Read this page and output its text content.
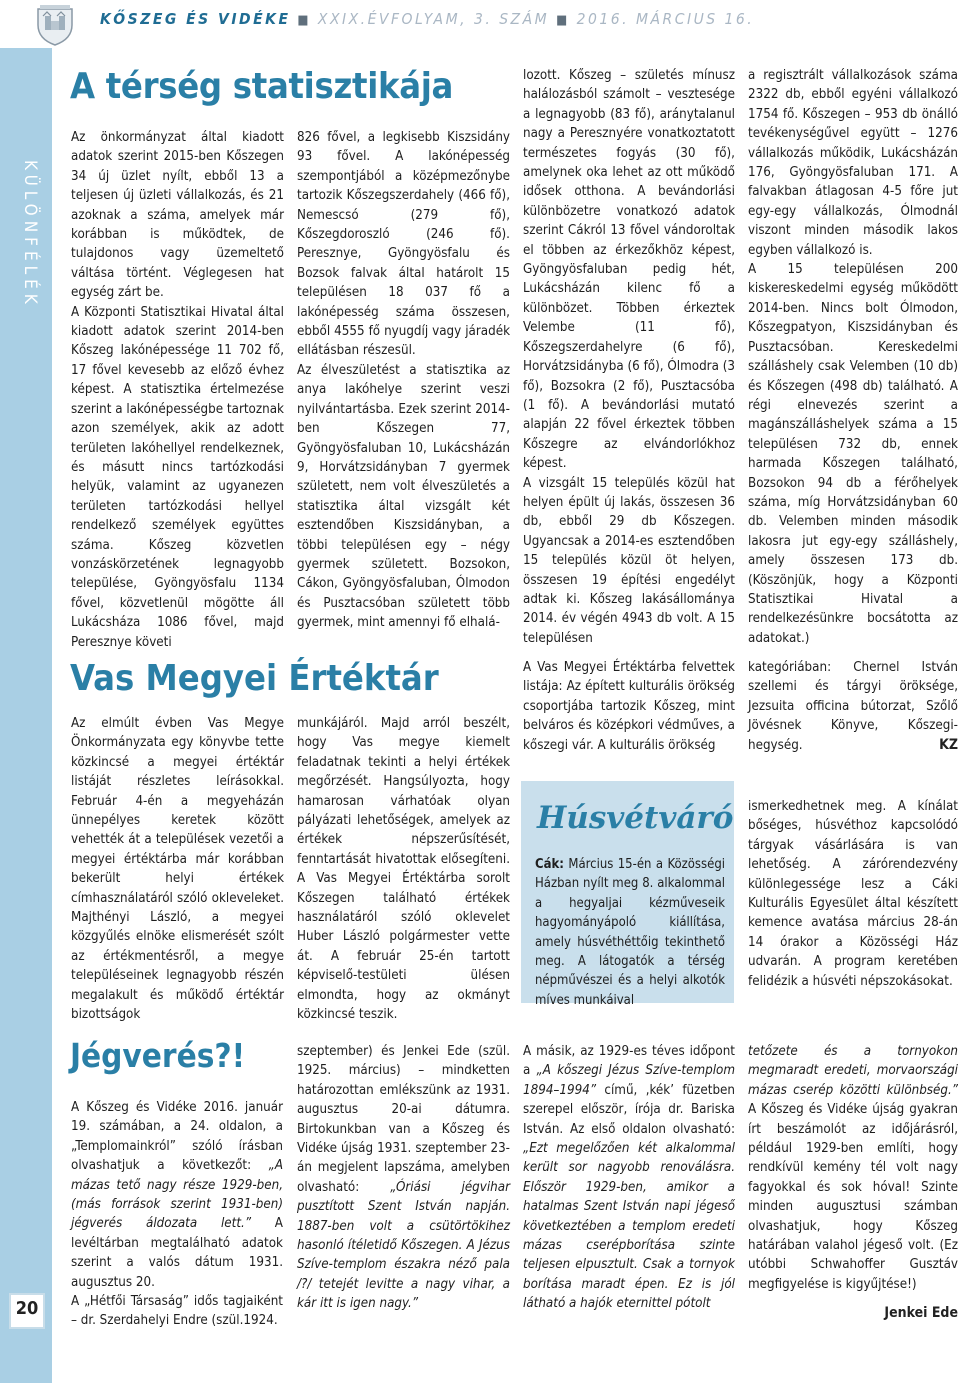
KŐSZEG ÉS VIDÉKE ■ XXIX.ÉVFOLYAM, 3. SZÁM ■ 2016. MÁRCIUS 16.
KÜLÖNFÉLÉK
20
A térség statisztikája
Az önkormányzat által kiadott adatok szerint 2015-ben Kőszegen 34 új üzlet nyílt, ebből 13 a teljesen új üzleti vállalkozás, és 21 azoknak a száma, amelyek már korábban is működtek, de tulajdonos vagy üzemeltető váltása történt. Véglegesen hat egység zárt be.
A Központi Statisztikai Hivatal által kiadott adatok szerint 2014-ben Kőszeg lakónépessége 11 702 fő, 17 fővel kevesebb az előző évhez képest. A statisztika értelmezése szerint a lakónépességbe tartoznak azon személyek, akik az adott területen lakóhellyel rendelkeznek, és másutt nincs tartózkodási helyük, valamint az ugyanezen területen tartózkodási hellyel rendelkező személyek együttes száma. Kőszeg közvetlen vonzáskörzetének legnagyobb települése, Gyöngyösfalu 1134 fővel, közvetlenül mögötte áll Lukácsháza 1086 fővel, majd Peresznye követi
826 fővel, a legkisebb Kiszsidány 93 fővel. A lakónépesség szempontjából a középmezőnybe tartozik Kőszegszerdahely (466 fő), Nemescsó (279 fő), Kőszegdoroszló (246 fő). Peresznye, Gyöngyösfalu és Bozsok falvak által határolt 15 településen 18 037 fő a lakónépesség száma összesen, ebből 4555 fő nyugdíj vagy járadék ellátásban részesül.
Az élveszületést a statisztika az anya lakóhelye szerint veszi nyilvántartásba. Ezek szerint 2014-ben Kőszegen 77, Gyöngyösfaluban 10, Lukácsházán 9, Horvátzsidányban 7 gyermek született, nem volt élveszületés a statisztika által vizsgált két esztendőben Kiszsidányban, a többi településen egy – négy gyermek született. Bozsokon, Cákon, Gyöngyösfaluban, Ólmodon és Pusztacsóban született több gyermek, mint amennyi fő elhalá-
lozott. Kőszeg – születés mínusz halálozásból számolt – vesztesége a legnagyobb (83 fő), aránytalanul nagy a Peresznyére vonatkoztatott természetes fogyás (30 fő), amelynek oka lehet az ott működő idősek otthona. A bevándorlási különbözetre vonatkozó adatok szerint Cákról 13 fővel vándoroltak el többen az érkezőkhöz képest, Gyöngyösfaluban pedig hét, Lukácsházán kilenc fő a különbözet. Többen érkeztek Velembe (11 fő), Kőszegszerdahelyre (6 fő), Horvátzsidányba (6 fő), Ólmodra (3 fő), Bozsokra (2 fő), Pusztacsóba (1 fő). A bevándorlási mutató alapján 22 fővel érkeztek többen Kőszegre az elvándorlókhoz képest.
A vizsgált 15 település közül hat helyen épült új lakás, összesen 36 db, ebből 29 db Kőszegen. Ugyancsak a 2014-es esztendőben 15 település közül öt helyen, összesen 19 építési engedélyt adtak ki. Kőszeg lakásállománya 2014. év végén 4943 db volt. A 15 településen
a regisztrált vállalkozások száma 2322 db, ebből egyéni vállalkozó 1754 fő. Kőszegen – 953 db önálló tevékenységűvel együtt – 1276 vállalkozás működik, Lukácsházán 176, Gyöngyösfaluban 171. A falvakban átlagosan 4-5 főre jut egy-egy vállalkozás, Ólmodnál viszont minden második lakos egyben vállalkozó is.
A 15 településen 200 kiskereskedelmi egység működött 2014-ben. Nincs bolt Ólmodon, Kőszegpatyon, Kiszsidányban és Pusztacsóban. Kereskedelmi szálláshely csak Velemben (10 db) és Kőszegen (498 db) található. A régi elnevezés szerint a magánszálláshelyek száma a 15 településen 732 db, ennek harmada Kőszegen található, Bozsokon 94 db a férőhelyek száma, míg Horvátzsidányban 60 db. Velemben minden második lakosra jut egy-egy szálláshely, amely összesen 173 db. (Köszönjük, hogy a Központi Statisztikai Hivatal a rendelkezésünkre bocsátotta az adatokat.)
Vas Megyei Értéktár
Az elmúlt évben Vas Megye Önkormányzata egy könyvbe tette közkincsé a megyei értéktár listáját részletes leírásokkal. Február 4-én a megyeházán ünnepélyes keretek között vehették át a települések vezetői a megyei értéktárba már korábban bekerült helyi értékek címhasználatáról szóló okleveleket. Majthényi László, a megyei közgyűlés elnöke elismerését szólt az értékmentésről, a megye településeinek legnagyobb részén megalakult és működő értéktár bizottságok
munkájáról. Majd arról beszélt, hogy Vas megye kiemelt feladatnak tekinti a helyi értékek megőrzését. Hangsúlyozta, hogy hamarosan várhatóak olyan pályázati lehetőségek, amelyek az értékek népszerűsítését, fenntartását hivatottak elősegíteni. A Vas Megyei Értéktárba sorolt Kőszegen található értékek használatáról szóló oklevelet Huber László polgármester vette át. A február 25-én tartott képviselő-testületi ülésen elmondta, hogy az okmányt közkincsé teszik.
A Vas Megyei Értéktárba felvettek listája: Az épített kulturális örökség csoportjába tartozik Kőszeg, mint belváros és középkori védműves, a kőszegi vár. A kulturális örökség
kategóriában: Chernel István szellemi és tárgyi öröksége, Jezsuita officina bútorzat, Szőlő Jövésnek Könyve, Kőszegi-hegység.	KZ
Húsvétváró
Cák: Március 15-én a Közösségi Házban nyílt meg 8. alkalommal a hegyaljai kézműveseik hagyományápoló kiállítása, amely húsvéthéttőig tekinthető meg. A látogatók a térség népművészei és a helyi alkotók míves munkáival
ismerkedhetnek meg. A kínálat bőséges, húsvéthoz kapcsolódó tárgyak vásárlására is van lehetőség. A zárórendezvény különlegessége lesz a Cáki Kulturális Egyesület által készített kemence avatása március 28-án 14 órakor a Közösségi Ház udvarán. A program keretében felidézik a húsvéti népszokásokat.
Jégverés?!
A Kőszeg és Vidéke 2016. január 19. számában, a 24. oldalon, a „Templomainkról” szóló írásban olvashatjuk a következőt: „A mázas tető nagy része 1929-ben, (más források szerint 1931-ben) jégverés áldozata lett.” A levéltárban megtalálható adatok szerint a valós dátum 1931. augusztus 20.
A „Hétfői Társaság” idős tagjaiként – dr. Szerdahelyi Endre (szül.1924.
szeptember) és Jenkei Ede (szül. 1925. március) – mindketten határozottan emlékszünk az 1931. augusztus 20-ai dátumra. Birtokunkban van a Kőszeg és Vidéke újság 1931. szeptember 23-án megjelent lapszáma, amelyben olvasható: „Óriási jégvihar pusztított Szent István napján. 1887-ben volt a csütörtökihez hasonló ítéletidő Kőszegen. A Jézus Szíve-templom északra néző pala /?/ tetejét levitte a nagy vihar, a kár itt is igen nagy.”
A másik, az 1929-es téves időpont a „A kőszegi Jézus Szíve-templom 1894–1994” című, ‚kék’ füzetben szerepel először, írója dr. Bariska István. Az első oldalon olvasható: „Ezt megelőzően két alkalommal került sor nagyobb renoválásra. Először 1929-ben, amikor a hatalmas Szent István napi jégeső következtében a templom eredeti mázas cserépborítása szinte teljesen elpusztult. Csak a tornyok borítása maradt épen. Ez is jól látható a hajók eternittel pótolt
tetőzete és a tornyokon megmaradt eredeti, morvaországi mázas cserép közötti különbség.” A Kőszeg és Vidéke újság gyakran írt beszámolót az időjárásról, például 1929-ben említi, hogy rendkívül kemény tél volt nagy fagyokkal és sok hóval! Szinte minden augusztusi számban olvashatjuk, hogy Kőszeg határában valahol jégeső volt. (Ez utóbbi Schwahoffer Gusztáv megfigyelése is kigyűjtése!)
Jenkei Ede
